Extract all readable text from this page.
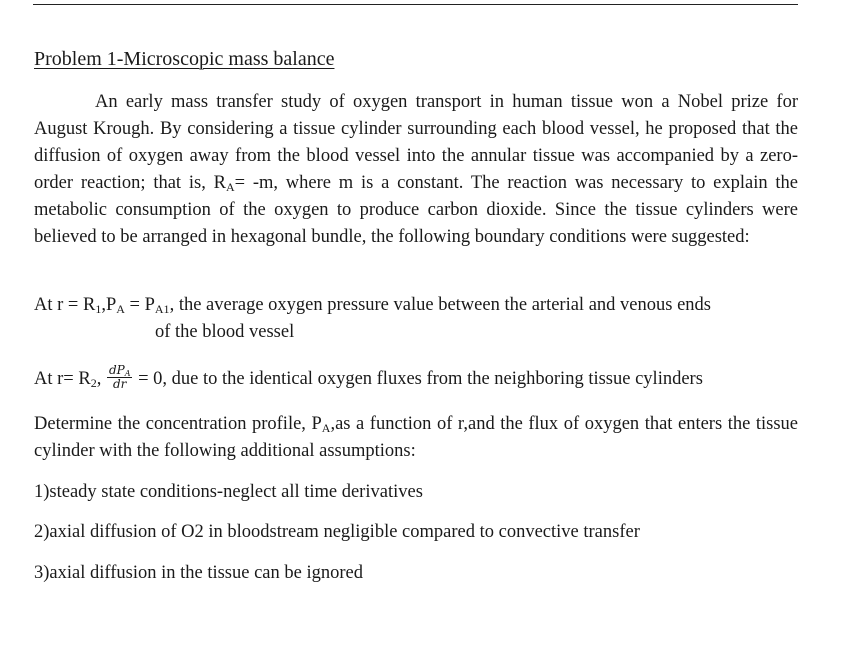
Problem 1-Microscopic mass balance

An early mass transfer study of oxygen transport in human tissue won a Nobel prize for August Krough. By considering a tissue cylinder surrounding each blood vessel, he proposed that the diffusion of oxygen away from the blood vessel into the annular tissue was accompanied by a zero-order reaction; that is, $R_A= -m$, where m is a constant. The reaction was necessary to explain the metabolic consumption of the oxygen to produce carbon dioxide. Since the tissue cylinders were believed to be arranged in hexagonal bundle, the following boundary conditions were suggested:

At $r = R_1,P_A = P_{A1}$, the average oxygen pressure value between the arterial and venous ends

of the blood vessel

At $r= R_2$, $\frac{dP_A}{dr} = 0$, due to the identical oxygen fluxes from the neighboring tissue cylinders

Determine the concentration profile, $P_A,as$ a function of r,and the flux of oxygen that enters the tissue cylinder with the following additional assumptions:

1)steady state conditions-neglect all time derivatives

2)axial diffusion of O2 in bloodstream negligible compared to convective transfer

3)axial diffusion in the tissue can be ignored
